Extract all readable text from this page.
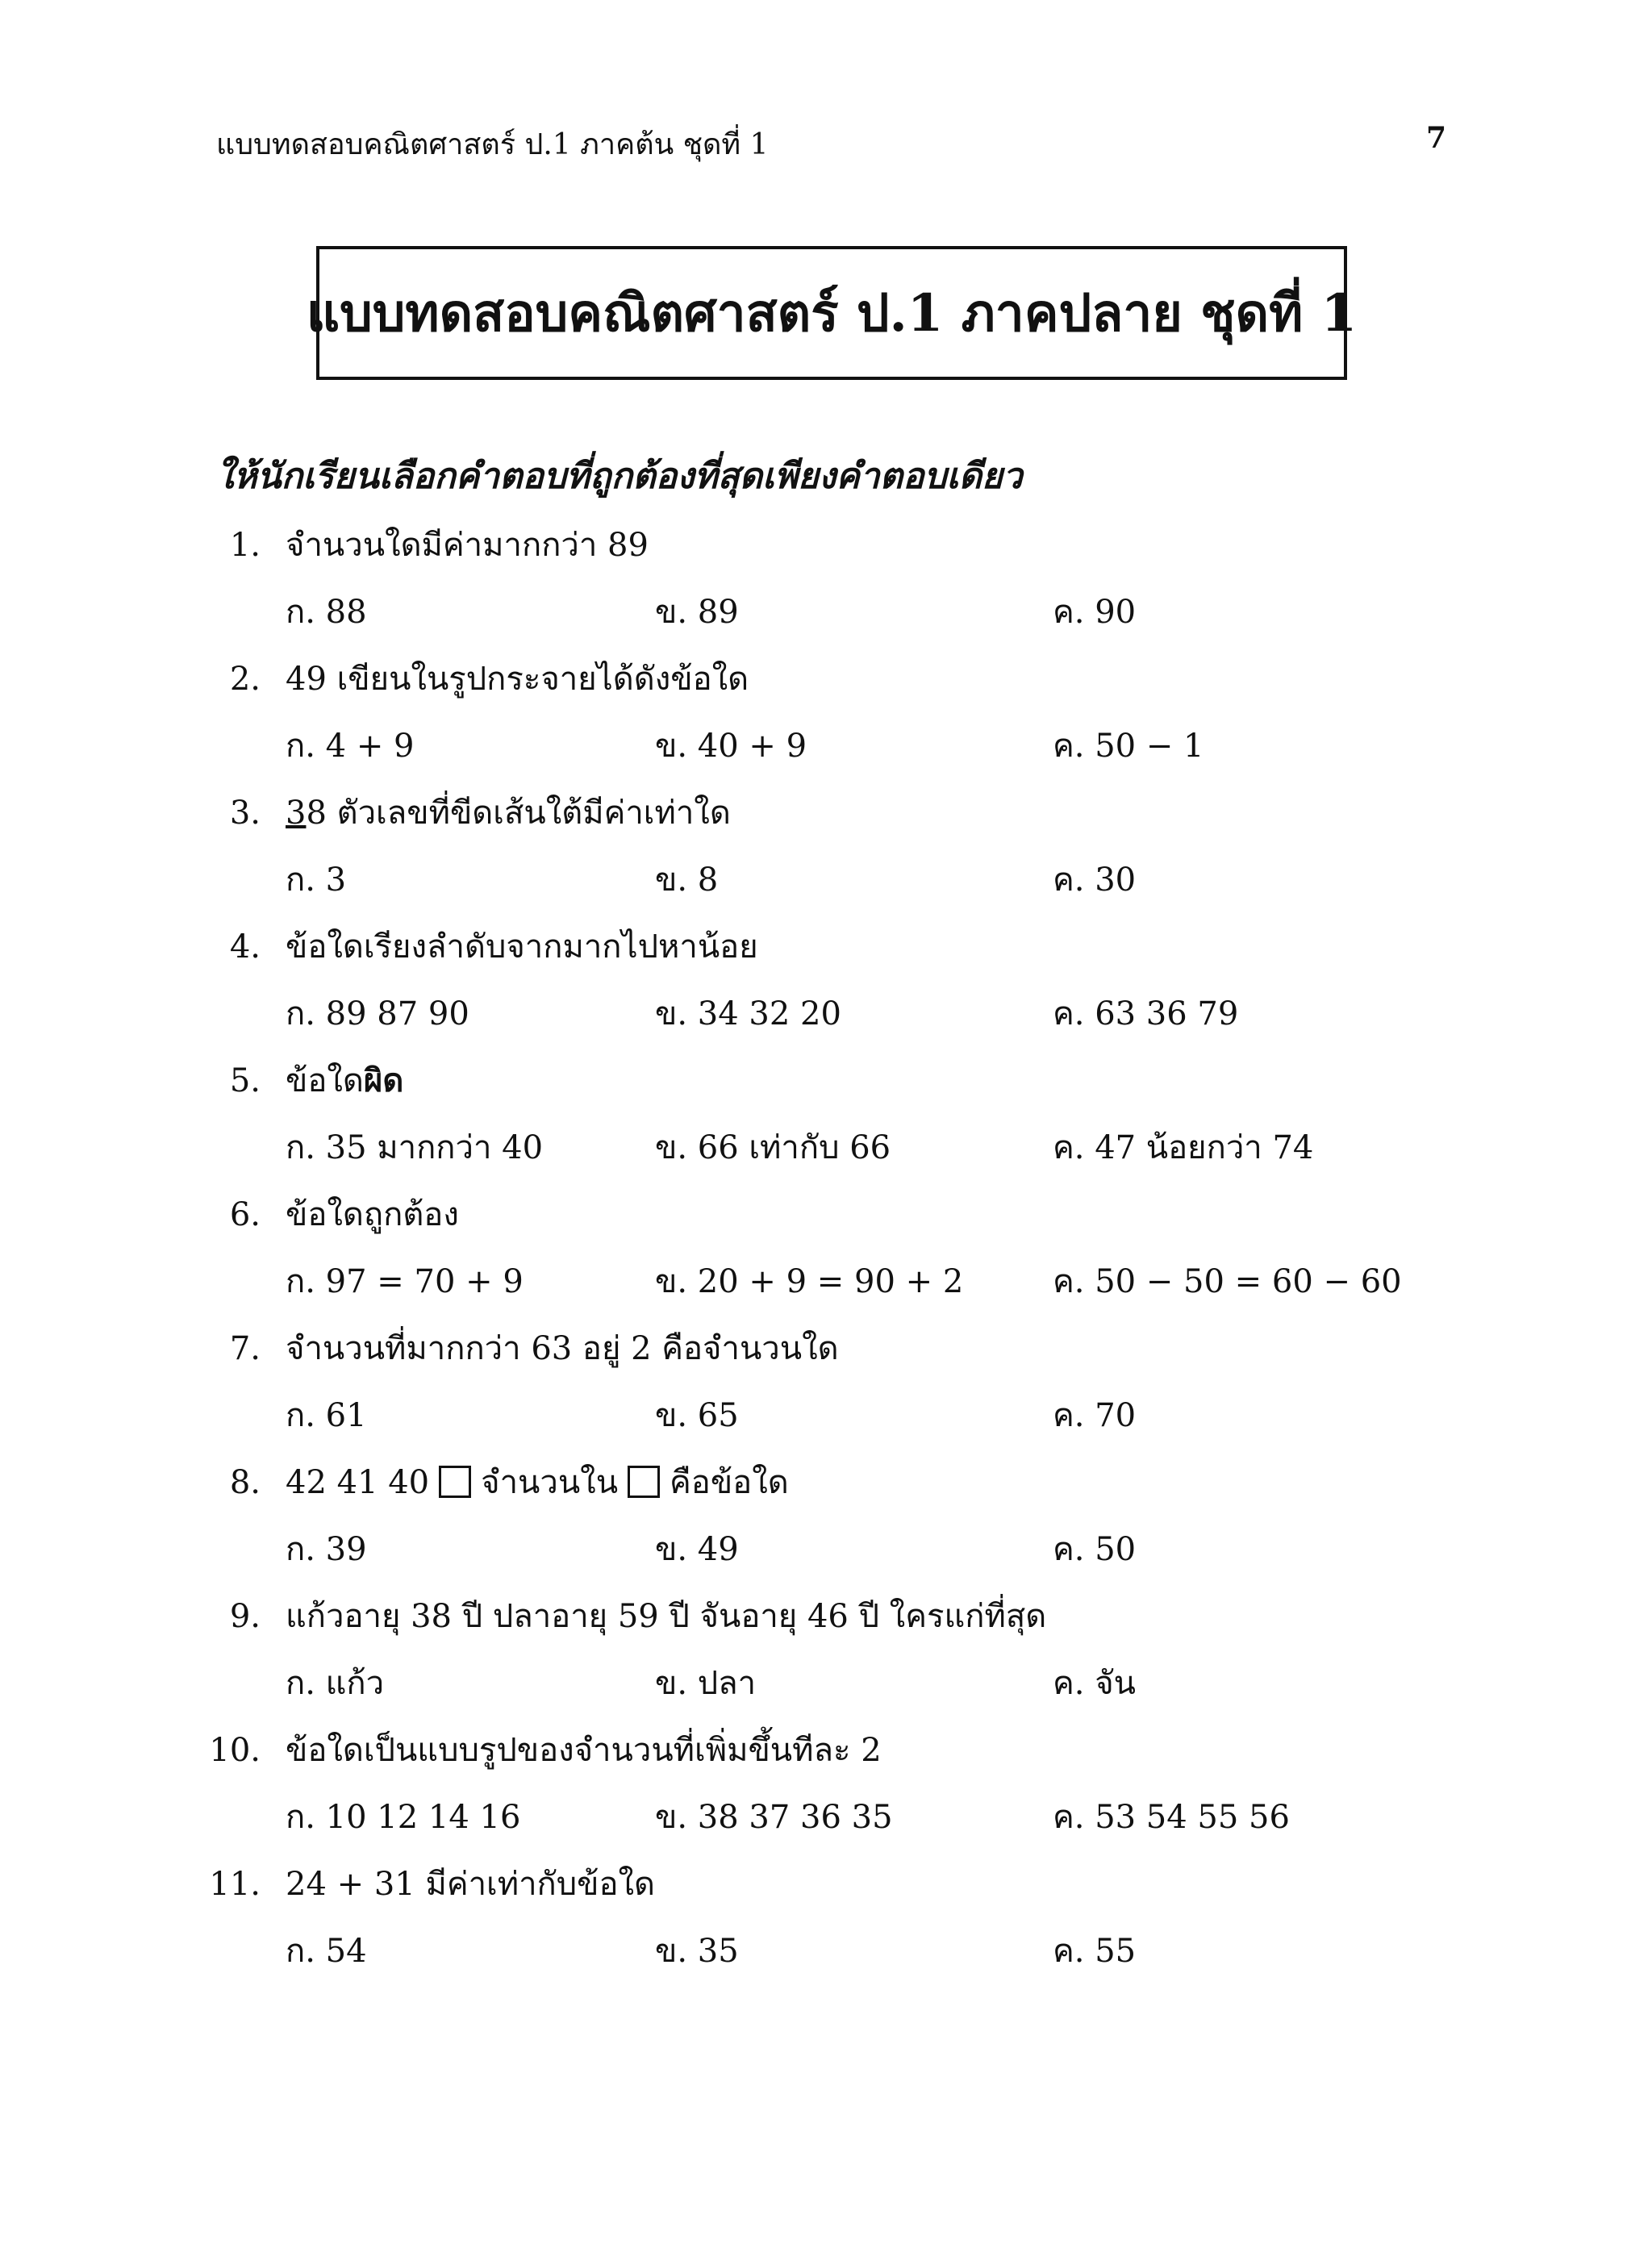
แบบทดสอบคณิตศาสตร์ ป.1 ภาคต้น ชุดที่ 1	7
แบบทดสอบคณิตศาสตร์ ป.1 ภาคปลาย ชุดที่ 1
ให้นักเรียนเลือกคำตอบที่ถูกต้องที่สุดเพียงคำตอบเดียว
1. จำนวนใดมีค่ามากกว่า 89
ก. 88	ข. 89	ค. 90
2. 49 เขียนในรูปกระจายได้ดังข้อใด
ก. 4 + 9	ข. 40 + 9	ค. 50 − 1
3. 38 ตัวเลขที่ขีดเส้นใต้มีค่าเท่าใด
ก. 3	ข. 8	ค. 30
4. ข้อใดเรียงลำดับจากมากไปหาน้อย
ก. 89 87 90	ข. 34 32 20	ค. 63 36 79
5. ข้อใดผิด
ก. 35 มากกว่า 40	ข. 66 เท่ากับ 66	ค. 47 น้อยกว่า 74
6. ข้อใดถูกต้อง
ก. 97 = 70 + 9	ข. 20 + 9 = 90 + 2	ค. 50 − 50 = 60 − 60
7. จำนวนที่มากกว่า 63 อยู่ 2 คือจำนวนใด
ก. 61	ข. 65	ค. 70
8. 42 41 40 จำนวนใน คือข้อใด
ก. 39	ข. 49	ค. 50
9. แก้วอายุ 38 ปี ปลาอายุ 59 ปี จันอายุ 46 ปี ใครแก่ที่สุด
ก. แก้ว	ข. ปลา	ค. จัน
10. ข้อใดเป็นแบบรูปของจำนวนที่เพิ่มขึ้นทีละ 2
ก. 10 12 14 16	ข. 38 37 36 35	ค. 53 54 55 56
11. 24 + 31 มีค่าเท่ากับข้อใด
ก. 54	ข. 35	ค. 55
